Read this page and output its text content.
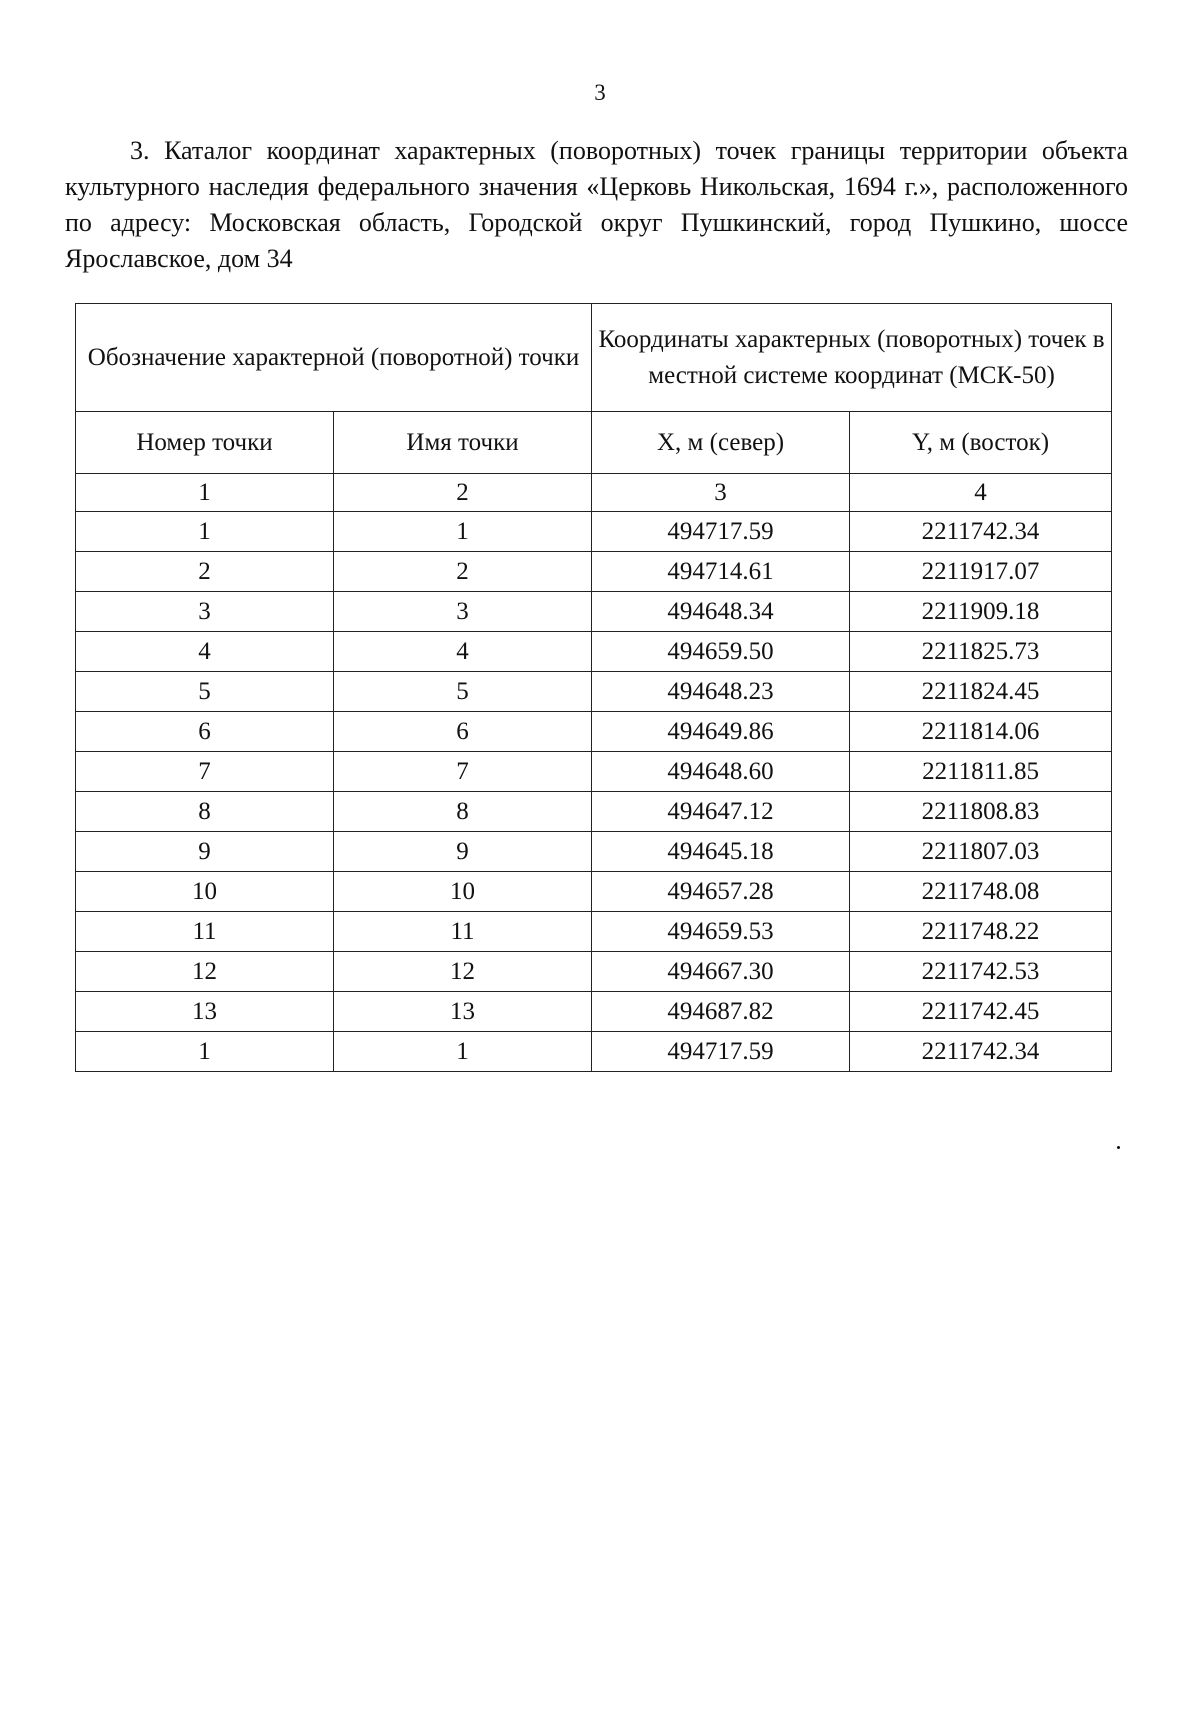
3

3. Каталог координат характерных (поворотных) точек границы территории объекта культурного наследия федерального значения «Церковь Никольская, 1694 г.», расположенного по адресу: Московская область, Городской округ Пушкинский, город Пушкино, шоссе Ярославское, дом 34

Обозначение характерной (поворотной) точки		Координаты характерных (поворотных) точек в местной системе координат (МСК-50)	
Номер точки	Имя точки	X, м (север)	Y, м (восток)
1	2	3	4
1	1	494717.59	2211742.34
2	2	494714.61	2211917.07
3	3	494648.34	2211909.18
4	4	494659.50	2211825.73
5	5	494648.23	2211824.45
6	6	494649.86	2211814.06
7	7	494648.60	2211811.85
8	8	494647.12	2211808.83
9	9	494645.18	2211807.03
10	10	494657.28	2211748.08
11	11	494659.53	2211748.22
12	12	494667.30	2211742.53
13	13	494687.82	2211742.45
1	1	494717.59	2211742.34
